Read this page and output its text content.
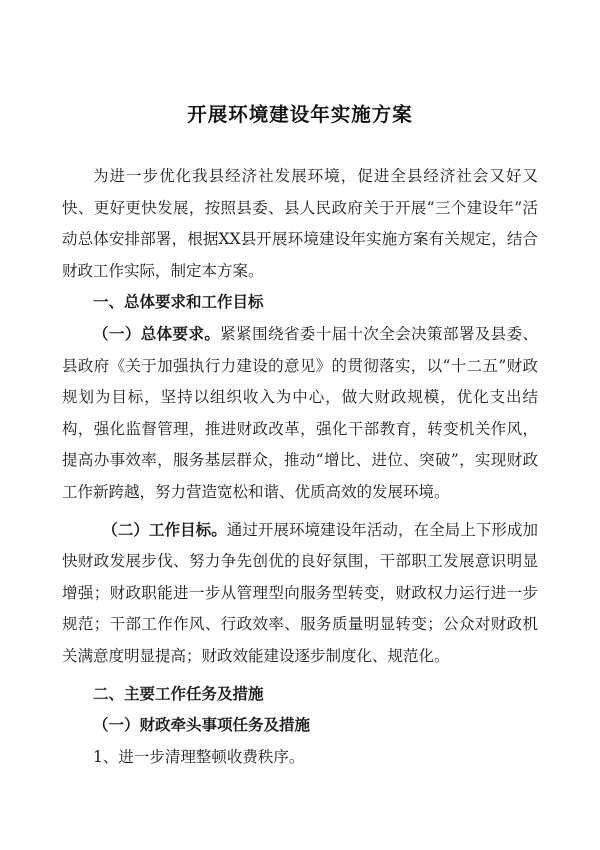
开展环境建设年实施方案

为进一步优化我县经济社发展环境，促进全县经济社会又好又快、更好更快发展，按照县委、县人民政府关于开展“三个建设年”活动总体安排部署，根据XX县开展环境建设年实施方案有关规定，结合财政工作实际，制定本方案。

一、总体要求和工作目标

（一）总体要求。紧紧围绕省委十届十次全会决策部署及县委、县政府《关于加强执行力建设的意见》的贯彻落实，以“十二五”财政规划为目标，坚持以组织收入为中心，做大财政规模，优化支出结构，强化监督管理，推进财政改革，强化干部教育，转变机关作风，提高办事效率，服务基层群众，推动“增比、进位、突破”，实现财政工作新跨越，努力营造宽松和谐、优质高效的发展环境。

（二）工作目标。通过开展环境建设年活动，在全局上下形成加快财政发展步伐、努力争先创优的良好氛围，干部职工发展意识明显增强；财政职能进一步从管理型向服务型转变，财政权力运行进一步规范；干部工作作风、行政效率、服务质量明显转变；公众对财政机关满意度明显提高；财政效能建设逐步制度化、规范化。

二、主要工作任务及措施

（一）财政牵头事项任务及措施

1、进一步清理整顿收费秩序。
